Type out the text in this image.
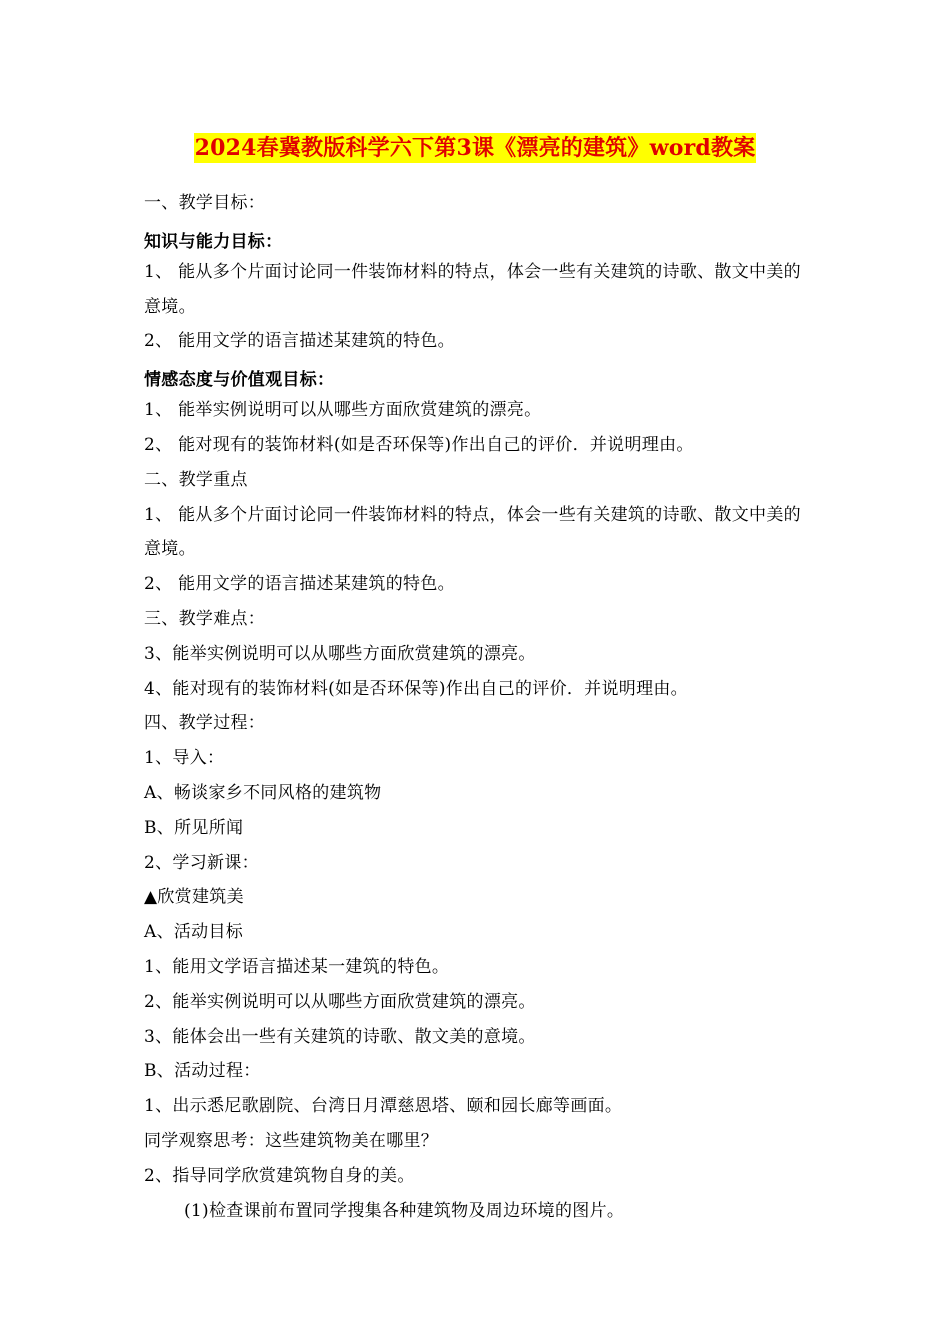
2024春冀教版科学六下第3课《漂亮的建筑》word教案
一、教学目标：
知识与能力目标：
1、 能从多个片面讨论同一件装饰材料的特点，体会一些有关建筑的诗歌、散文中美的意境。
2、 能用文学的语言描述某建筑的特色。
情感态度与价值观目标：
1、 能举实例说明可以从哪些方面欣赏建筑的漂亮。
2、 能对现有的装饰材料(如是否环保等)作出自己的评价．并说明理由。
二、教学重点
1、 能从多个片面讨论同一件装饰材料的特点，体会一些有关建筑的诗歌、散文中美的意境。
2、 能用文学的语言描述某建筑的特色。
三、教学难点：
3、能举实例说明可以从哪些方面欣赏建筑的漂亮。
4、能对现有的装饰材料(如是否环保等)作出自己的评价．并说明理由。
四、教学过程：
1、导入：
A、畅谈家乡不同风格的建筑物
B、所见所闻
2、学习新课：
▲欣赏建筑美
A、活动目标
1、能用文学语言描述某一建筑的特色。
2、能举实例说明可以从哪些方面欣赏建筑的漂亮。
3、能体会出一些有关建筑的诗歌、散文美的意境。
B、活动过程：
1、出示悉尼歌剧院、台湾日月潭慈恩塔、颐和园长廊等画面。
同学观察思考：这些建筑物美在哪里？
2、指导同学欣赏建筑物自身的美。
(1)检查课前布置同学搜集各种建筑物及周边环境的图片。
